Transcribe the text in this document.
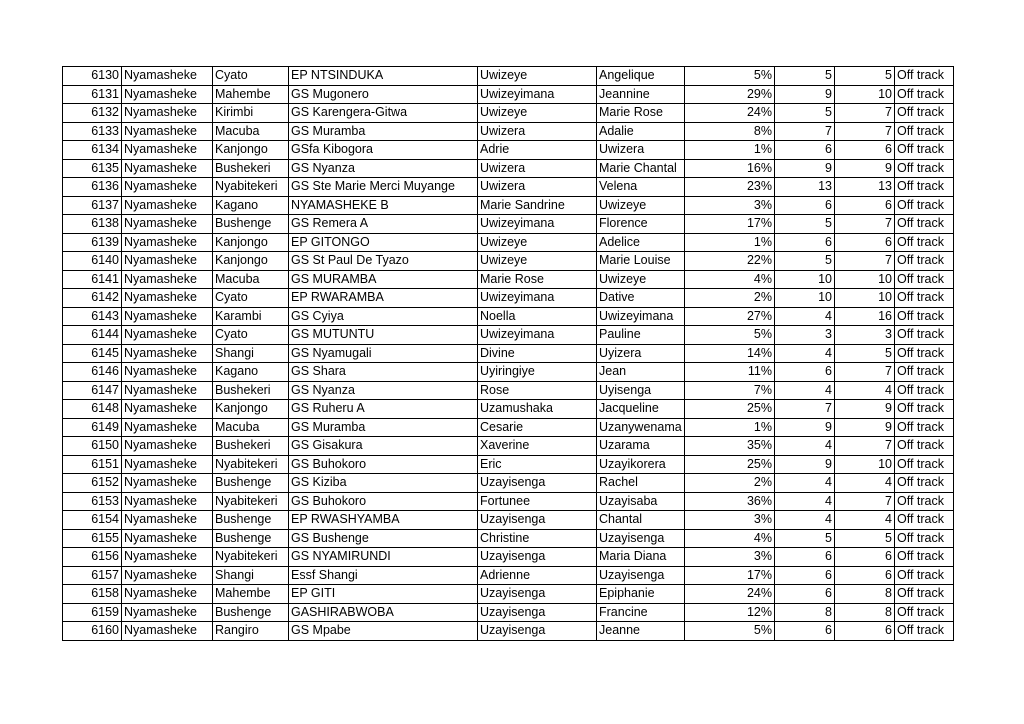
6130	Nyamasheke	Cyato	EP NTSINDUKA	Uwizeye	Angelique	5%	5	5	Off track
6131	Nyamasheke	Mahembe	GS Mugonero	Uwizeyimana	Jeannine	29%	9	10	Off track
6132	Nyamasheke	Kirimbi	GS Karengera-Gitwa	Uwizeye	Marie Rose	24%	5	7	Off track
6133	Nyamasheke	Macuba	GS Muramba	Uwizera	Adalie	8%	7	7	Off track
6134	Nyamasheke	Kanjongo	GSfa Kibogora	Adrie	Uwizera	1%	6	6	Off track
6135	Nyamasheke	Bushekeri	GS Nyanza	Uwizera	Marie Chantal	16%	9	9	Off track
6136	Nyamasheke	Nyabitekeri	GS Ste Marie Merci Muyange	Uwizera	Velena	23%	13	13	Off track
6137	Nyamasheke	Kagano	NYAMASHEKE B	Marie Sandrine	Uwizeye	3%	6	6	Off track
6138	Nyamasheke	Bushenge	GS Remera A	Uwizeyimana	Florence	17%	5	7	Off track
6139	Nyamasheke	Kanjongo	EP GITONGO	Uwizeye	Adelice	1%	6	6	Off track
6140	Nyamasheke	Kanjongo	GS St Paul De Tyazo	Uwizeye	Marie Louise	22%	5	7	Off track
6141	Nyamasheke	Macuba	GS MURAMBA	Marie Rose	Uwizeye	4%	10	10	Off track
6142	Nyamasheke	Cyato	EP RWARAMBA	Uwizeyimana	Dative	2%	10	10	Off track
6143	Nyamasheke	Karambi	GS Cyiya	Noella	Uwizeyimana	27%	4	16	Off track
6144	Nyamasheke	Cyato	GS MUTUNTU	Uwizeyimana	Pauline	5%	3	3	Off track
6145	Nyamasheke	Shangi	GS Nyamugali	Divine	Uyizera	14%	4	5	Off track
6146	Nyamasheke	Kagano	GS Shara	Uyiringiye	Jean	11%	6	7	Off track
6147	Nyamasheke	Bushekeri	GS Nyanza	Rose	Uyisenga	7%	4	4	Off track
6148	Nyamasheke	Kanjongo	GS Ruheru A	Uzamushaka	Jacqueline	25%	7	9	Off track
6149	Nyamasheke	Macuba	GS Muramba	Cesarie	Uzanywenama	1%	9	9	Off track
6150	Nyamasheke	Bushekeri	GS Gisakura	Xaverine	Uzarama	35%	4	7	Off track
6151	Nyamasheke	Nyabitekeri	GS Buhokoro	Eric	Uzayikorera	25%	9	10	Off track
6152	Nyamasheke	Bushenge	GS Kiziba	Uzayisenga	Rachel	2%	4	4	Off track
6153	Nyamasheke	Nyabitekeri	GS Buhokoro	Fortunee	Uzayisaba	36%	4	7	Off track
6154	Nyamasheke	Bushenge	EP RWASHYAMBA	Uzayisenga	Chantal	3%	4	4	Off track
6155	Nyamasheke	Bushenge	GS Bushenge	Christine	Uzayisenga	4%	5	5	Off track
6156	Nyamasheke	Nyabitekeri	GS NYAMIRUNDI	Uzayisenga	Maria Diana	3%	6	6	Off track
6157	Nyamasheke	Shangi	Essf Shangi	Adrienne	Uzayisenga	17%	6	6	Off track
6158	Nyamasheke	Mahembe	EP GITI	Uzayisenga	Epiphanie	24%	6	8	Off track
6159	Nyamasheke	Bushenge	GASHIRABWOBA	Uzayisenga	Francine	12%	8	8	Off track
6160	Nyamasheke	Rangiro	GS Mpabe	Uzayisenga	Jeanne	5%	6	6	Off track
